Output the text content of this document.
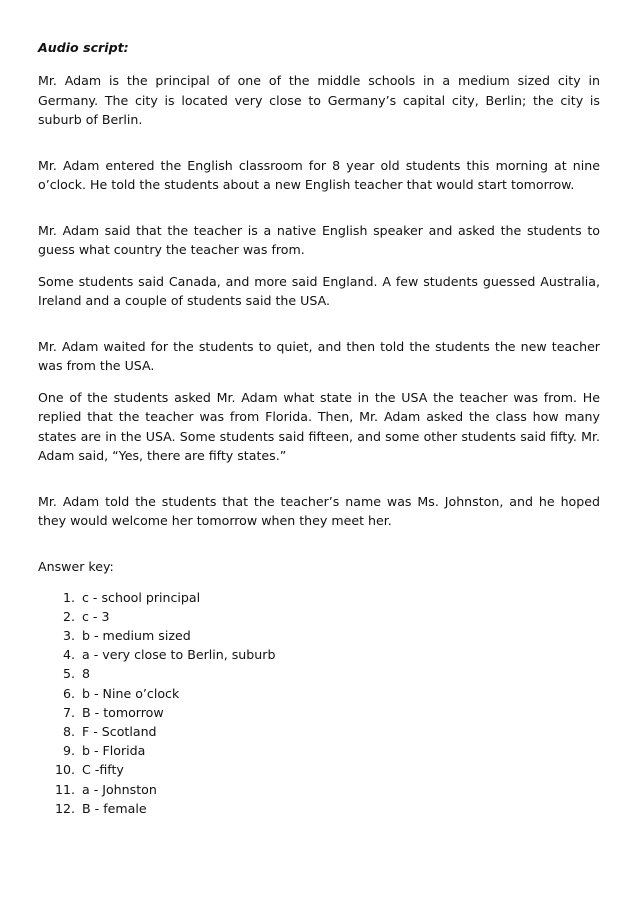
Audio script:

Mr. Adam is the principal of one of the middle schools in a medium sized city in Germany. The city is located very close to Germany’s capital city, Berlin; the city is suburb of Berlin.

Mr. Adam entered the English classroom for 8 year old students this morning at nine o’clock. He told the students about a new English teacher that would start tomorrow.

Mr. Adam said that the teacher is a native English speaker and asked the students to guess what country the teacher was from.

Some students said Canada, and more said England. A few students guessed Australia, Ireland and a couple of students said the USA.

Mr. Adam waited for the students to quiet, and then told the students the new teacher was from the USA.

One of the students asked Mr. Adam what state in the USA the teacher was from. He replied that the teacher was from Florida. Then, Mr. Adam asked the class how many states are in the USA. Some students said fifteen, and some other students said fifty. Mr. Adam said, “Yes, there are fifty states.”

Mr. Adam told the students that the teacher’s name was Ms. Johnston, and he hoped they would welcome her tomorrow when they meet her.

Answer key:

1. c - school principal
2. c - 3
3. b - medium sized
4. a - very close to Berlin, suburb
5. 8
6. b - Nine o’clock
7. B - tomorrow
8. F - Scotland
9. b - Florida
10. C -fifty
11. a - Johnston
12. B - female
